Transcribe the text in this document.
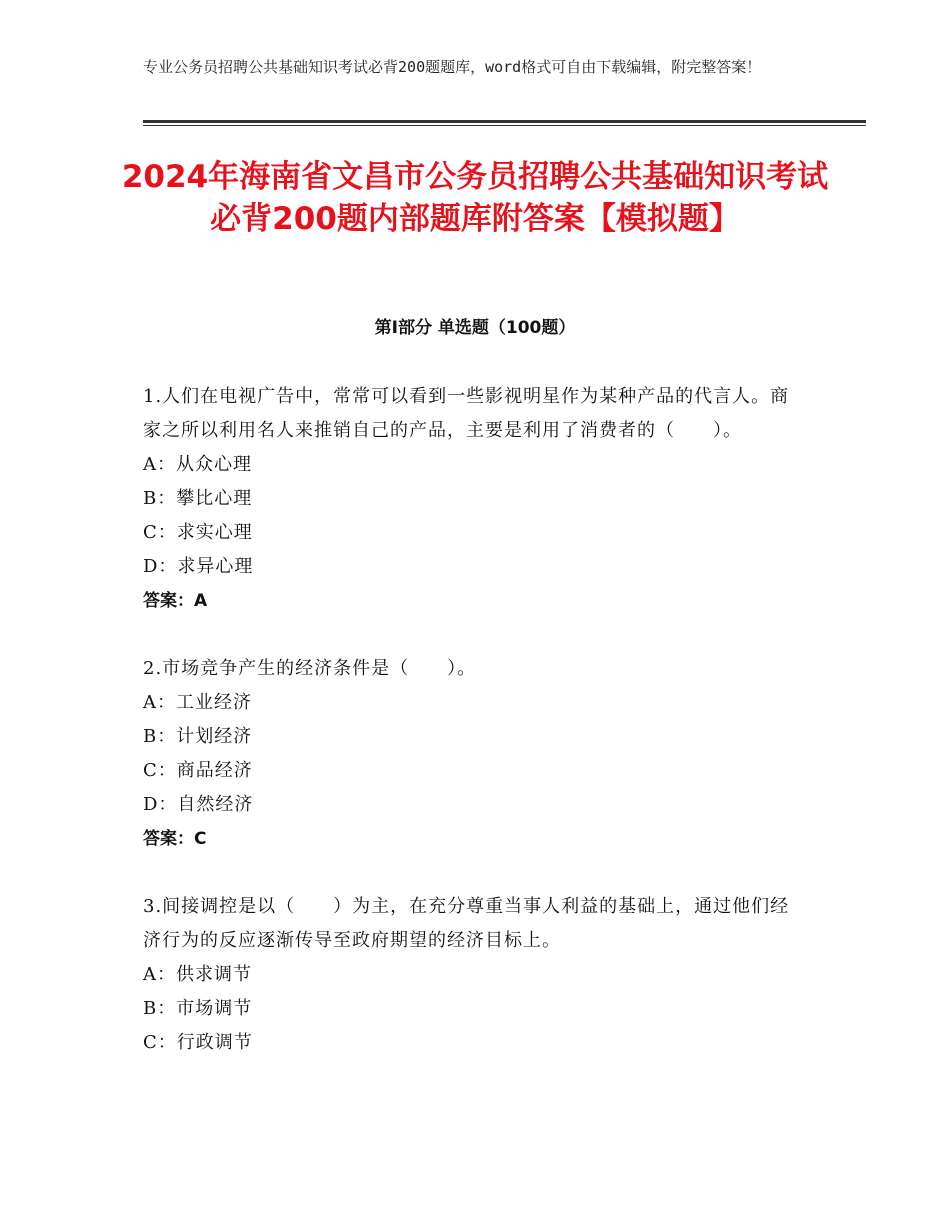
专业公务员招聘公共基础知识考试必背200题题库，word格式可自由下载编辑，附完整答案！
2024年海南省文昌市公务员招聘公共基础知识考试必背200题内部题库附答案【模拟题】
第Ⅰ部分 单选题（100题）
1.人们在电视广告中，常常可以看到一些影视明星作为某种产品的代言人。商家之所以利用名人来推销自己的产品，主要是利用了消费者的（　　）。
A：从众心理
B：攀比心理
C：求实心理
D：求异心理
答案：A
2.市场竞争产生的经济条件是（　　）。
A：工业经济
B：计划经济
C：商品经济
D：自然经济
答案：C
3.间接调控是以（　　）为主，在充分尊重当事人利益的基础上，通过他们经济行为的反应逐渐传导至政府期望的经济目标上。
A：供求调节
B：市场调节
C：行政调节
